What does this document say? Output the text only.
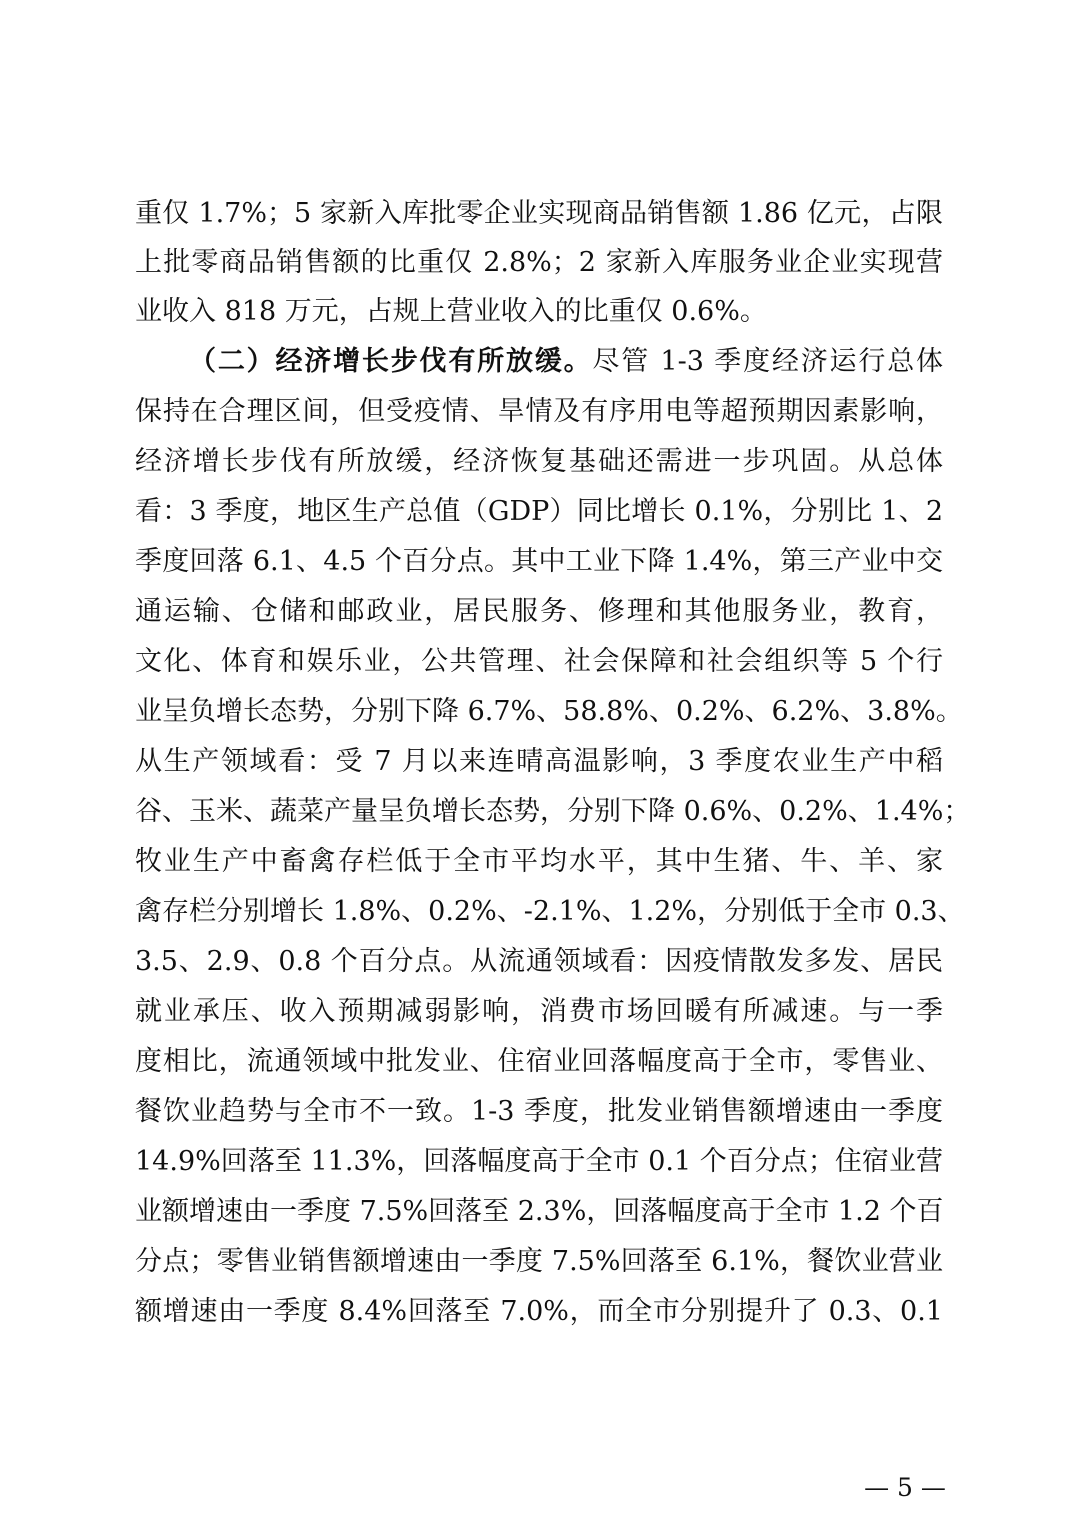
重仅 1.7%；5 家新入库批零企业实现商品销售额 1.86 亿元，占限
上批零商品销售额的比重仅 2.8%；2 家新入库服务业企业实现营
业收入 818 万元，占规上营业收入的比重仅 0.6%。
（二）经济增长步伐有所放缓。尽管 1-3 季度经济运行总体
保持在合理区间，但受疫情、旱情及有序用电等超预期因素影响，
经济增长步伐有所放缓，经济恢复基础还需进一步巩固。从总体
看：3 季度，地区生产总值（GDP）同比增长 0.1%，分别比 1、2
季度回落 6.1、4.5 个百分点。其中工业下降 1.4%，第三产业中交
通运输、仓储和邮政业，居民服务、修理和其他服务业，教育，
文化、体育和娱乐业，公共管理、社会保障和社会组织等 5 个行
业呈负增长态势，分别下降 6.7%、58.8%、0.2%、6.2%、3.8%。
从生产领域看：受 7 月以来连晴高温影响，3 季度农业生产中稻
谷、玉米、蔬菜产量呈负增长态势，分别下降 0.6%、0.2%、1.4%；
牧业生产中畜禽存栏低于全市平均水平，其中生猪、牛、羊、家
禽存栏分别增长 1.8%、0.2%、-2.1%、1.2%，分别低于全市 0.3、
3.5、2.9、0.8 个百分点。从流通领域看：因疫情散发多发、居民
就业承压、收入预期减弱影响，消费市场回暖有所减速。与一季
度相比，流通领域中批发业、住宿业回落幅度高于全市，零售业、
餐饮业趋势与全市不一致。1-3 季度，批发业销售额增速由一季度
14.9%回落至 11.3%，回落幅度高于全市 0.1 个百分点；住宿业营
业额增速由一季度 7.5%回落至 2.3%，回落幅度高于全市 1.2 个百
分点；零售业销售额增速由一季度 7.5%回落至 6.1%，餐饮业营业
额增速由一季度 8.4%回落至 7.0%，而全市分别提升了 0.3、0.1
— 5 —
